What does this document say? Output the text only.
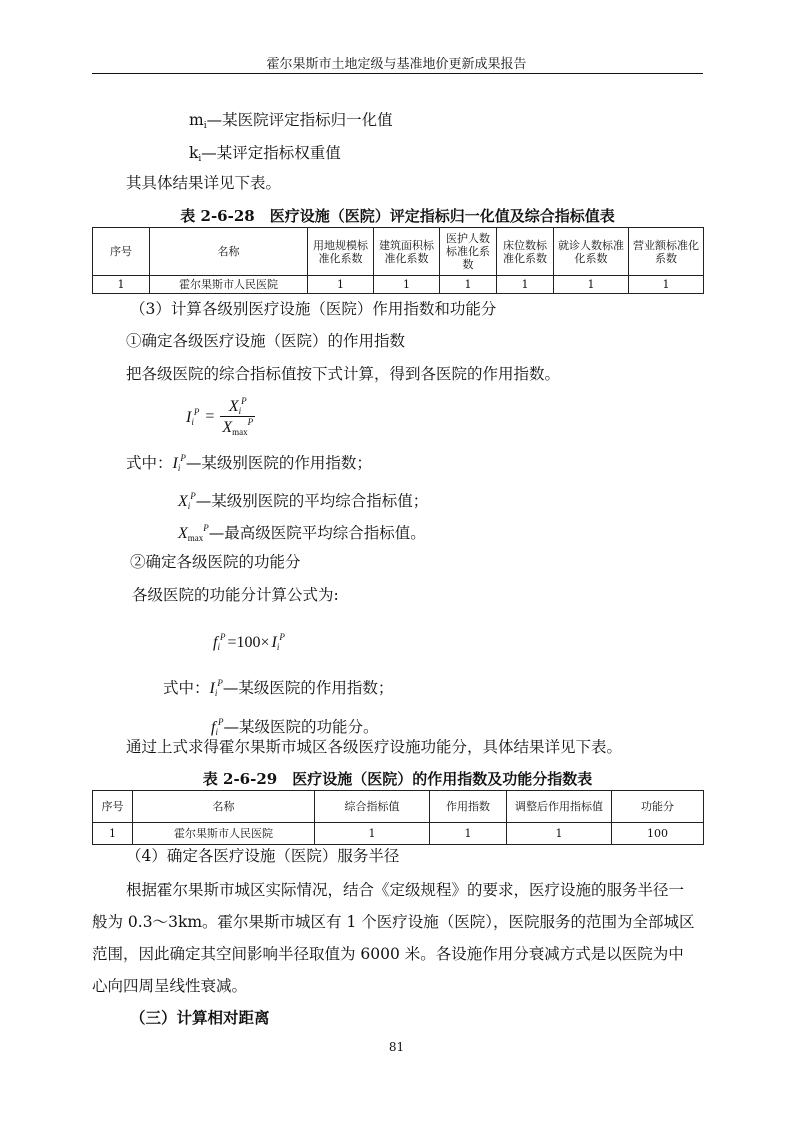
霍尔果斯市土地定级与基准地价更新成果报告
$m_i—$某医院评定指标归一化值
$k_i—$某评定指标权重值
其具体结果详见下表。
表 2-6-28　医疗设施（医院）评定指标归一化值及综合指标值表
序号	名称	用地规模标准化系数	建筑面积标准化系数	医护人数标准化系数	床位数标准化系数	就诊人数标准化系数	营业额标准化系数
1	霍尔果斯市人民医院	1	1	1	1	1	1
（3）计算各级别医疗设施（医院）作用指数和功能分
①确定各级医疗设施（医院）的作用指数
把各级医院的综合指标值按下式计算，得到各医院的作用指数。
$I_i^P = \frac{X_i^P}{X_{max}^P}$
式中：$I_i^P—$某级别医院的作用指数；
$X_i^P—$某级别医院的平均综合指标值；
$X_{max}^P—$最高级医院平均综合指标值。
②确定各级医院的功能分
各级医院的功能分计算公式为:
$f_i^P =100\times I_i^P$
式中：$I_i^P—$某级医院的作用指数；
$f_i^P—$某级医院的功能分。
通过上式求得霍尔果斯市城区各级医疗设施功能分，具体结果详见下表。
表 2-6-29　医疗设施（医院）的作用指数及功能分指数表
序号	名称	综合指标值	作用指数	调整后作用指标值	功能分
1	霍尔果斯市人民医院	1	1	1	100
（4）确定各医疗设施（医院）服务半径
根据霍尔果斯市城区实际情况，结合《定级规程》的要求，医疗设施的服务半径一
般为 0.3～3km。霍尔果斯市城区有 1 个医疗设施（医院），医院服务的范围为全部城区
范围，因此确定其空间影响半径取值为 6000 米。各设施作用分衰减方式是以医院为中
心向四周呈线性衰减。
（三）计算相对距离
81
